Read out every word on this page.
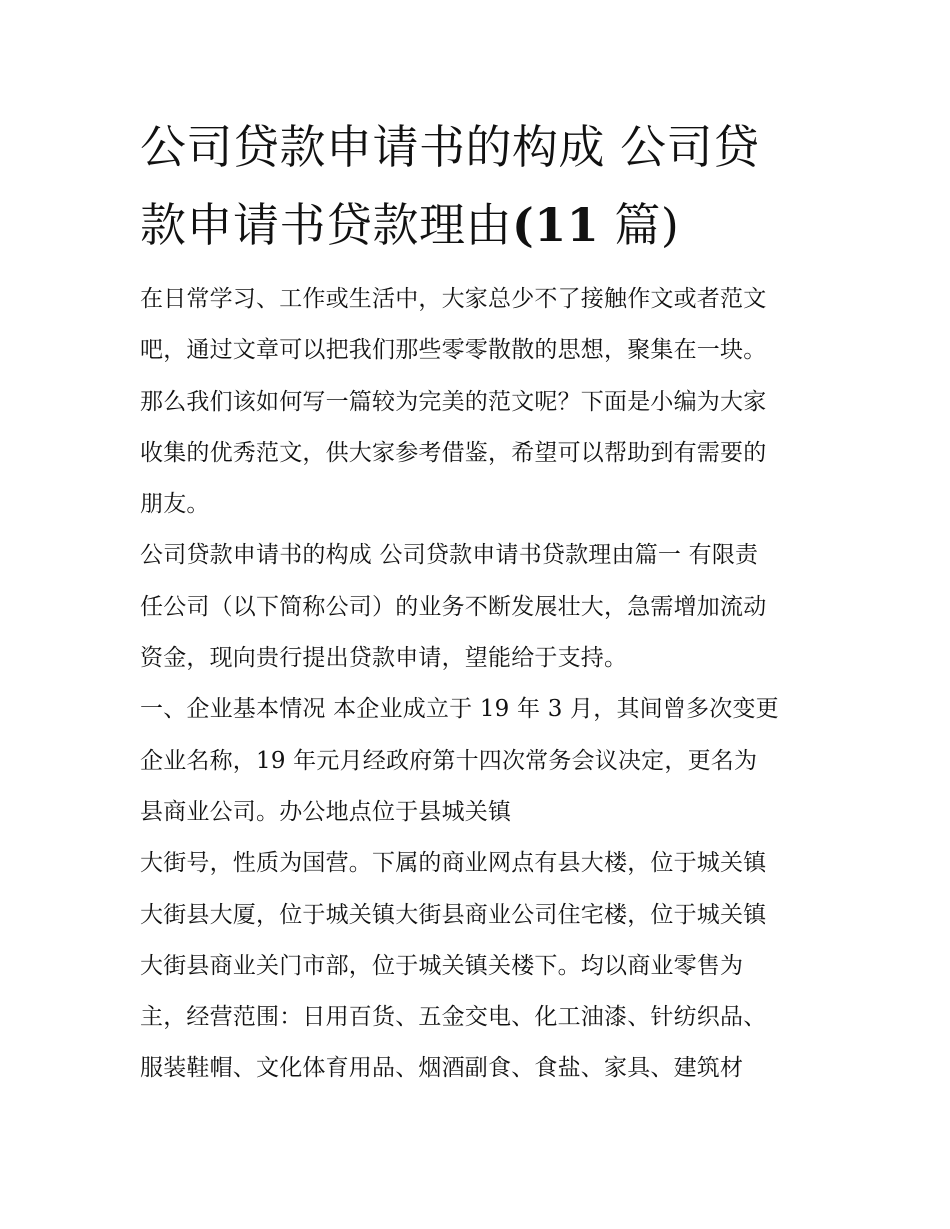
公司贷款申请书的构成 公司贷
款申请书贷款理由(11 篇)
在日常学习、工作或生活中，大家总少不了接触作文或者范文
吧，通过文章可以把我们那些零零散散的思想，聚集在一块。
那么我们该如何写一篇较为完美的范文呢？下面是小编为大家
收集的优秀范文，供大家参考借鉴，希望可以帮助到有需要的
朋友。
公司贷款申请书的构成 公司贷款申请书贷款理由篇一 有限责
任公司（以下简称公司）的业务不断发展壮大，急需增加流动
资金，现向贵行提出贷款申请，望能给于支持。
一、企业基本情况 本企业成立于 19 年 3 月，其间曾多次变更
企业名称，19 年元月经政府第十四次常务会议决定，更名为
县商业公司。办公地点位于县城关镇
大街号，性质为国营。下属的商业网点有县大楼，位于城关镇
大街县大厦，位于城关镇大街县商业公司住宅楼，位于城关镇
大街县商业关门市部，位于城关镇关楼下。均以商业零售为
主，经营范围：日用百货、五金交电、化工油漆、针纺织品、
服装鞋帽、文化体育用品、烟酒副食、食盐、家具、建筑材
